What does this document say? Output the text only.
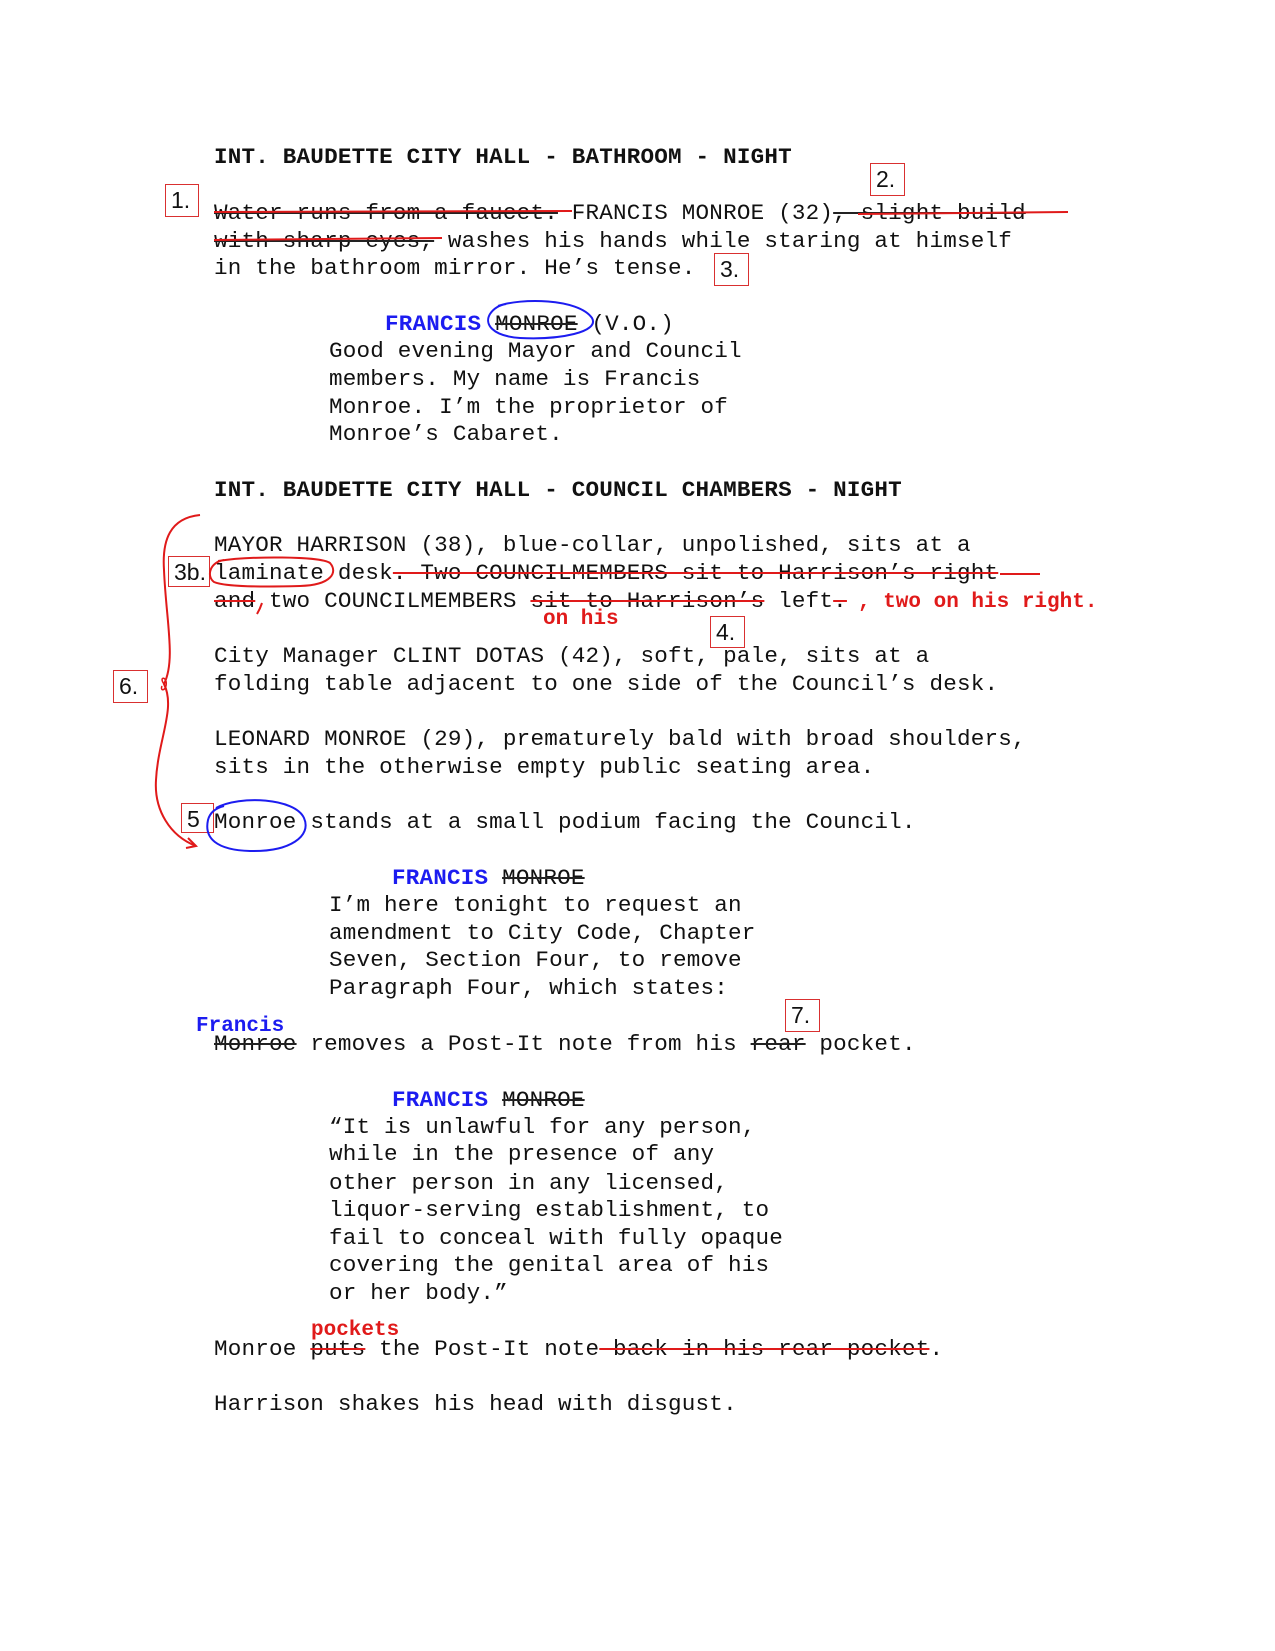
INT. BAUDETTE CITY HALL - BATHROOM - NIGHT
Water runs from a faucet. FRANCIS MONROE (32), slight build
with sharp eyes, washes his hands while staring at himself
in the bathroom mirror. He’s tense.
FRANCIS MONROE (V.O.)
Good evening Mayor and Council
members. My name is Francis
Monroe. I’m the proprietor of
Monroe’s Cabaret.
INT. BAUDETTE CITY HALL - COUNCIL CHAMBERS - NIGHT
MAYOR HARRISON (38), blue-collar, unpolished, sits at a
laminate desk. Two COUNCILMEMBERS sit to Harrison’s right
and two COUNCILMEMBERS sit to Harrison’s left.
City Manager CLINT DOTAS (42), soft, pale, sits at a
folding table adjacent to one side of the Council’s desk.
LEONARD MONROE (29), prematurely bald with broad shoulders,
sits in the otherwise empty public seating area.
Monroe stands at a small podium facing the Council.
FRANCIS MONROE
I’m here tonight to request an
amendment to City Code, Chapter
Seven, Section Four, to remove
Paragraph Four, which states:
Monroe removes a Post-It note from his rear pocket.
FRANCIS MONROE
“It is unlawful for any person,
while in the presence of any
other person in any licensed,
liquor-serving establishment, to
fail to conceal with fully opaque
covering the genital area of his
or her body.”
Monroe puts the Post-It note back in his rear pocket.
Harrison shakes his head with disgust.
, two on his right.
on his
Francis
pockets
1.
2.
3.
3b.
4.
5
6.
7.
